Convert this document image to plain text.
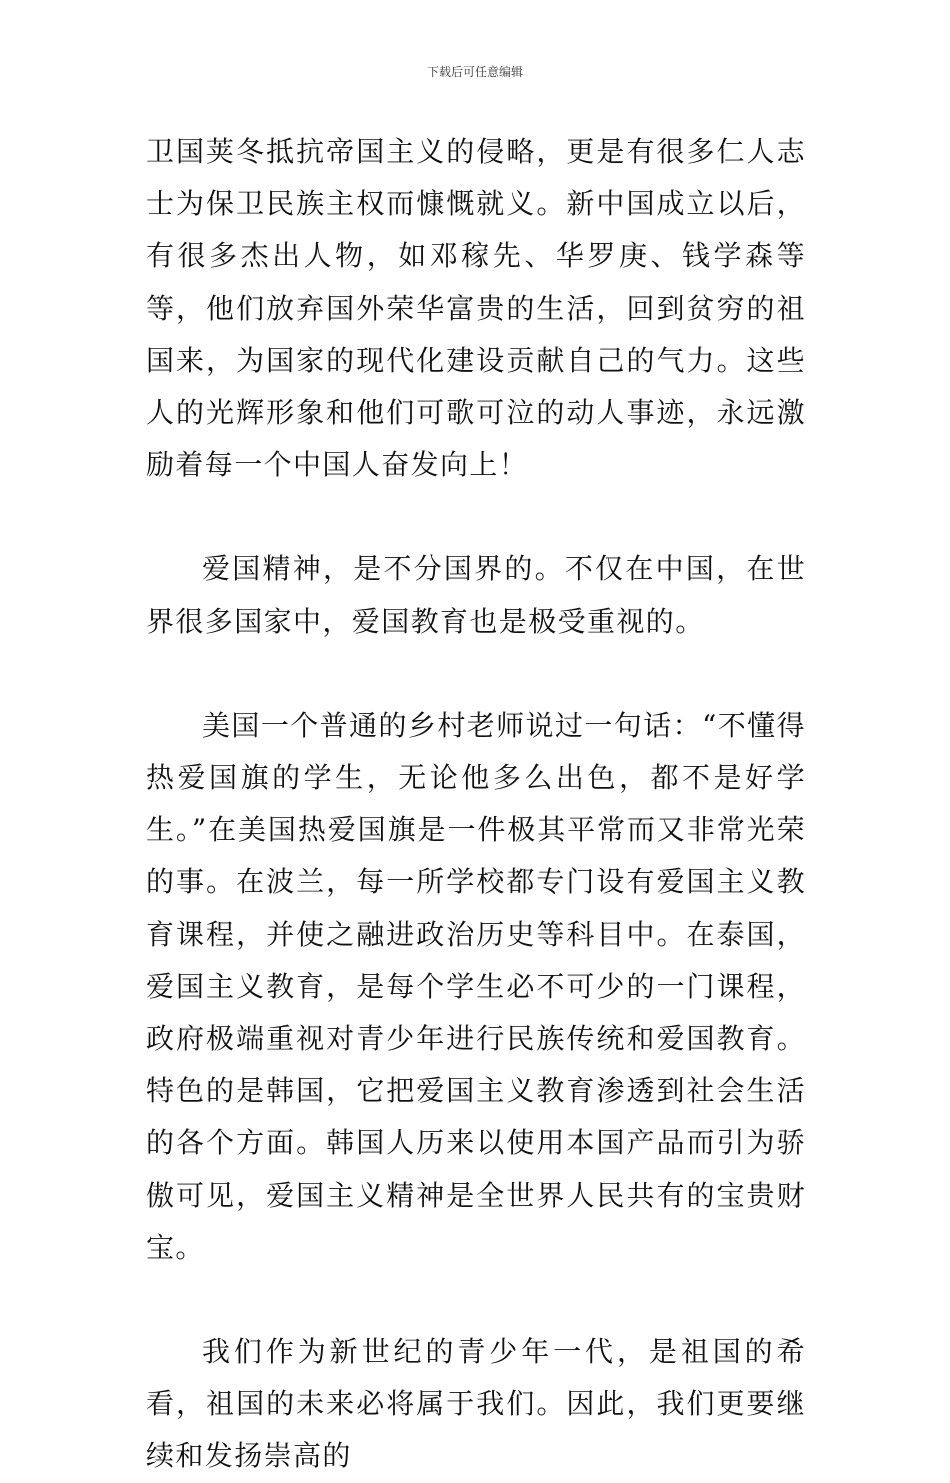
下载后可任意编辑

卫国荚冬抵抗帝国主义的侵略，更是有很多仁人志士为保卫民族主权而慷慨就义。新中国成立以后，有很多杰出人物，如邓稼先、华罗庚、钱学森等等，他们放弃国外荣华富贵的生活，回到贫穷的祖国来，为国家的现代化建设贡献自己的气力。这些人的光辉形象和他们可歌可泣的动人事迹，永远激励着每一个中国人奋发向上！

爱国精神，是不分国界的。不仅在中国，在世界很多国家中，爱国教育也是极受重视的。

美国一个普通的乡村老师说过一句话：“不懂得热爱国旗的学生，无论他多么出色，都不是好学生。”在美国热爱国旗是一件极其平常而又非常光荣的事。在波兰，每一所学校都专门设有爱国主义教育课程，并使之融进政治历史等科目中。在泰国，爱国主义教育，是每个学生必不可少的一门课程，政府极端重视对青少年进行民族传统和爱国教育。特色的是韩国，它把爱国主义教育渗透到社会生活的各个方面。韩国人历来以使用本国产品而引为骄傲可见，爱国主义精神是全世界人民共有的宝贵财宝。

我们作为新世纪的青少年一代，是祖国的希看，祖国的未来必将属于我们。因此，我们更要继续和发扬崇高的
